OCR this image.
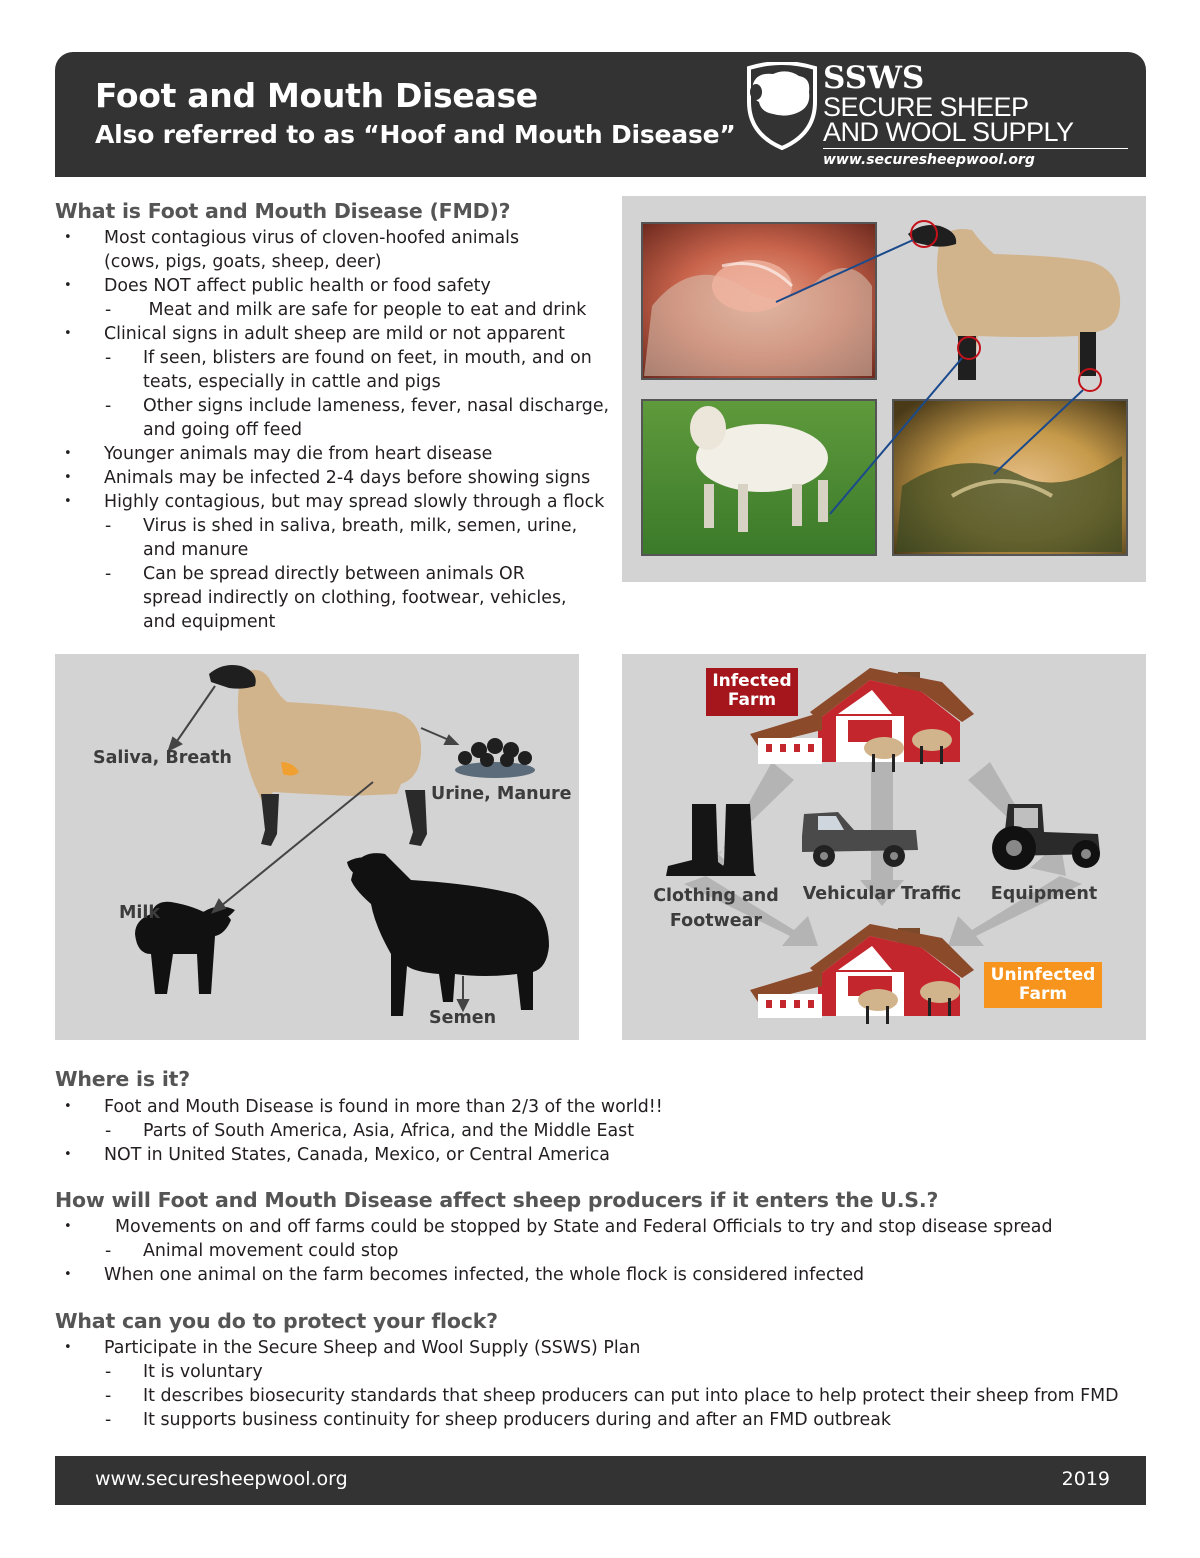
Foot and Mouth Disease
Also referred to as “Hoof and Mouth Disease”
SSWS
SECURE SHEEP
AND WOOL SUPPLY
www.securesheepwool.org
What is Foot and Mouth Disease (FMD)?
• Most contagious virus of cloven-hoofed animals
(cows, pigs, goats, sheep, deer)
• Does NOT affect public health or food safety
-  Meat and milk are safe for people to eat and drink
• Clinical signs in adult sheep are mild or not apparent
- If seen, blisters are found on feet, in mouth, and on
teats, especially in cattle and pigs
- Other signs include lameness, fever, nasal discharge,
and going off feed
• Younger animals may die from heart disease
• Animals may be infected 2-4 days before showing signs
• Highly contagious, but may spread slowly through a flock
- Virus is shed in saliva, breath, milk, semen, urine,
and manure
- Can be spread directly between animals OR
spread indirectly on clothing, footwear, vehicles,
and equipment
Saliva, Breath
Urine, Manure
Milk
Semen
Infected
Farm
Uninfected
Farm
Clothing and
Footwear
Vehicular Traffic	Equipment
Where is it?
• Foot and Mouth Disease is found in more than 2/3 of the world!!
- Parts of South America, Asia, Africa, and the Middle East
• NOT in United States, Canada, Mexico, or Central America
How will Foot and Mouth Disease affect sheep producers if it enters the U.S.?
•   Movements on and off farms could be stopped by State and Federal Officials to try and stop disease spread
- Animal movement could stop
• When one animal on the farm becomes infected, the whole flock is considered infected
What can you do to protect your flock?
• Participate in the Secure Sheep and Wool Supply (SSWS) Plan
- It is voluntary
- It describes biosecurity standards that sheep producers can put into place to help protect their sheep from FMD
- It supports business continuity for sheep producers during and after an FMD outbreak
www.securesheepwool.org	2019
